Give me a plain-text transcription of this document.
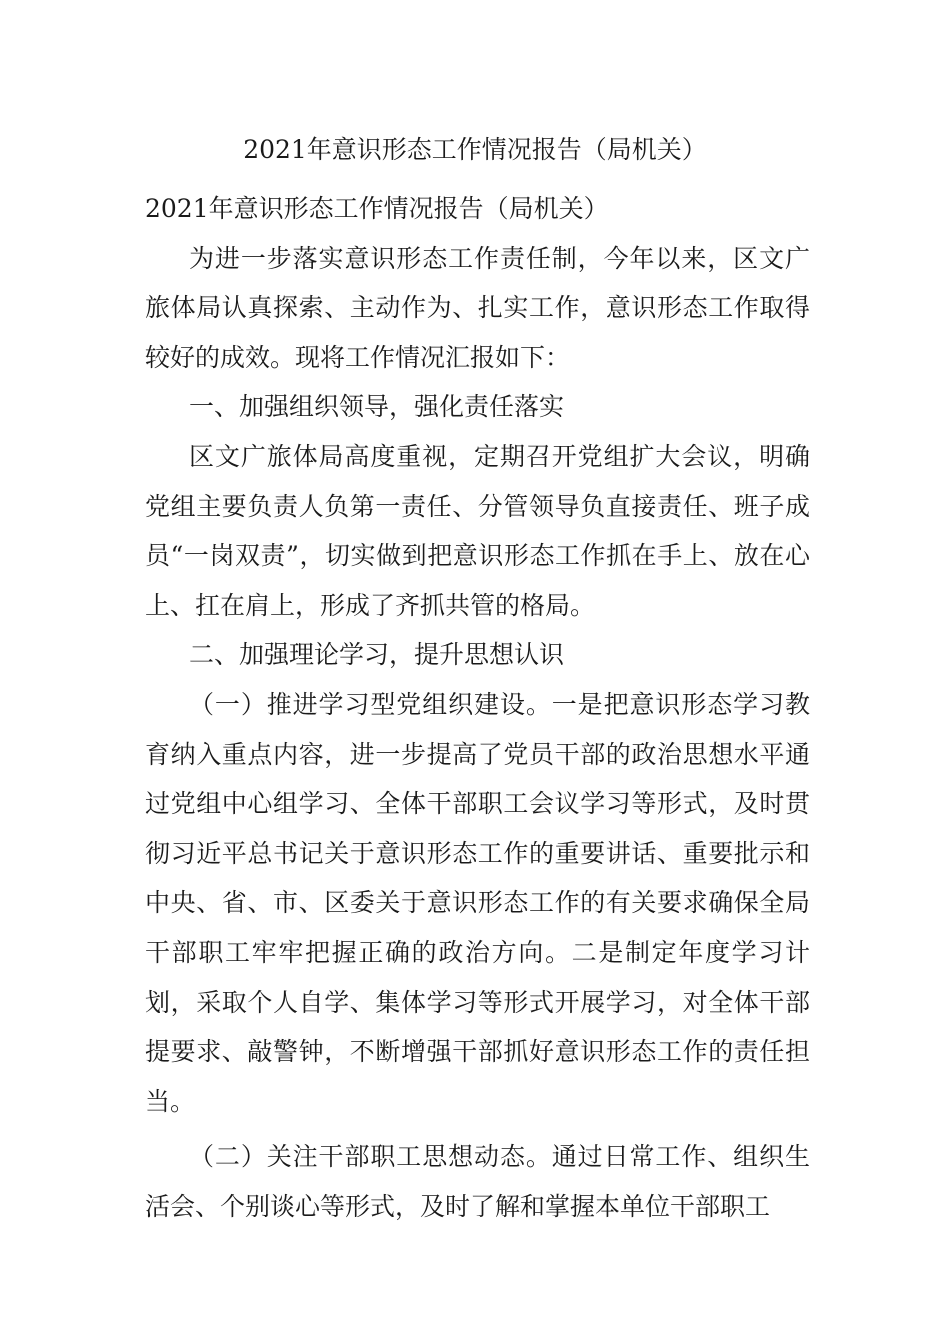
2021年意识形态工作情况报告（局机关）

2021年意识形态工作情况报告（局机关）

为进一步落实意识形态工作责任制，今年以来，区文广旅体局认真探索、主动作为、扎实工作，意识形态工作取得较好的成效。现将工作情况汇报如下：

一、加强组织领导，强化责任落实

区文广旅体局高度重视，定期召开党组扩大会议，明确党组主要负责人负第一责任、分管领导负直接责任、班子成员“一岗双责”，切实做到把意识形态工作抓在手上、放在心上、扛在肩上，形成了齐抓共管的格局。

二、加强理论学习，提升思想认识

（一）推进学习型党组织建设。一是把意识形态学习教育纳入重点内容，进一步提高了党员干部的政治思想水平通过党组中心组学习、全体干部职工会议学习等形式，及时贯彻习近平总书记关于意识形态工作的重要讲话、重要批示和中央、省、市、区委关于意识形态工作的有关要求确保全局干部职工牢牢把握正确的政治方向。二是制定年度学习计划，采取个人自学、集体学习等形式开展学习，对全体干部提要求、敲警钟，不断增强干部抓好意识形态工作的责任担当。

（二）关注干部职工思想动态。通过日常工作、组织生活会、个别谈心等形式，及时了解和掌握本单位干部职工
